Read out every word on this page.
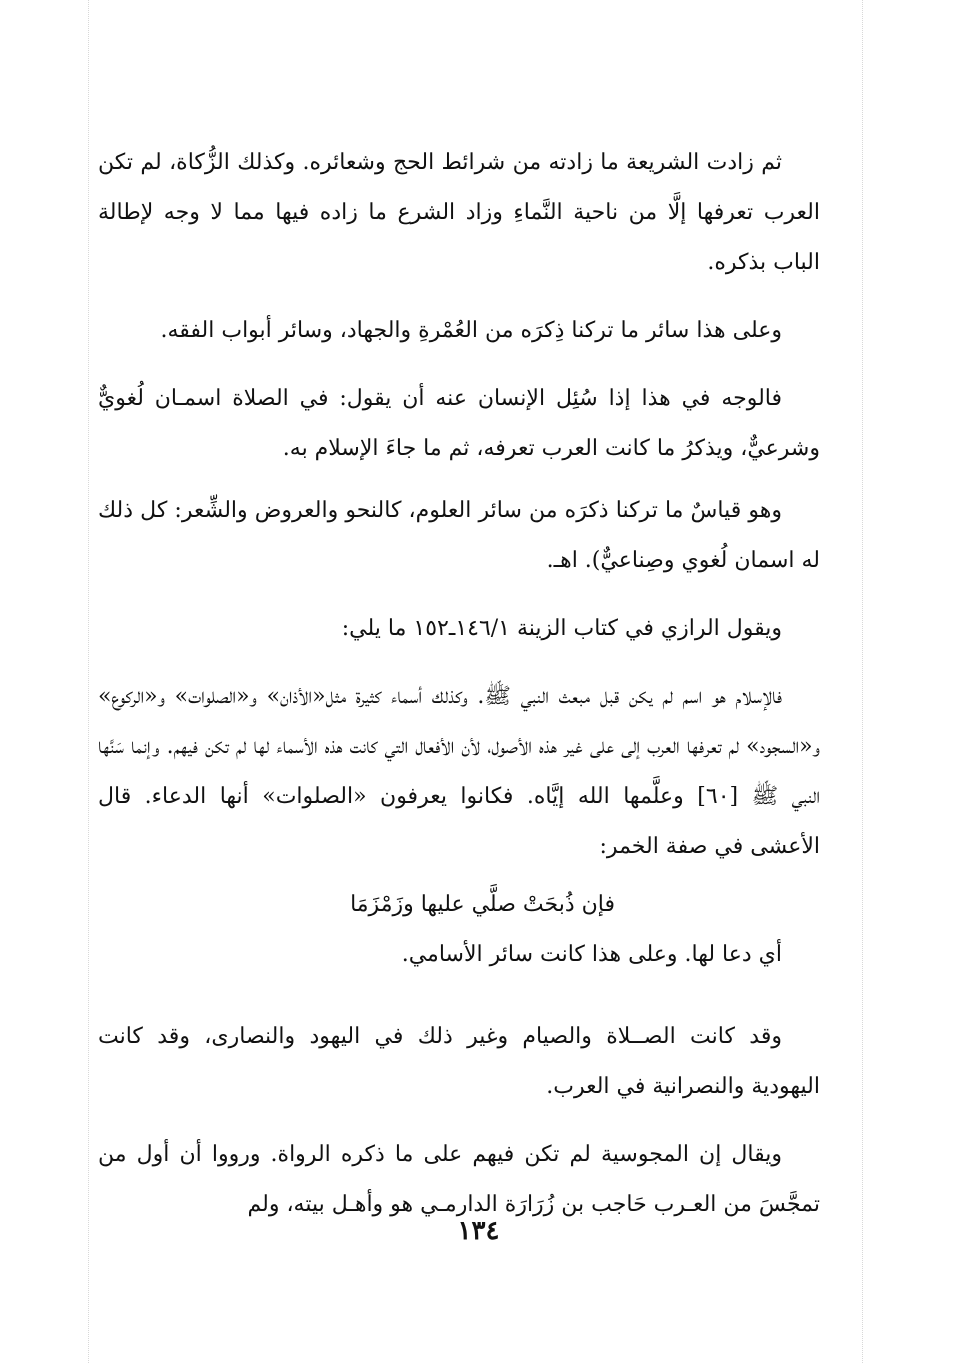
ثم زادت الشريعة ما زادته من شرائط الحج وشعائره. وكذلك الزُّكاة، لم تكن العرب تعرفها إلَّا من ناحية النَّماءِ وزاد الشرع ما زاده فيها مما لا وجه لإطالة الباب بذكره.

وعلى هذا سائر ما تركنا ذِكرَه من العُمْرةِ والجهاد، وسائر أبواب الفقه.

فالوجه في هذا إذا سُئِل الإنسان عنه أن يقول: في الصلاة اسمـان لُغويٌّ وشرعيٌّ، ويذكرُ ما كانت العرب تعرفه، ثم ما جاءَ الإسلام به.

وهو قياسٌ ما تركنا ذكرَه من سائر العلوم، كالنحو والعروض والشِّعر: كل ذلك له اسمان لُغوي وصِناعيٌّ). اهـ.

ويقول الرازي في كتاب الزينة ١٤٦/١ـ١٥٢ ما يلي:

فالإسلام هو اسم لم يكن قبل مبعث النبي ﷺ. وكذلك أسماء كثيرة مثل«الأذان» و«الصلوات» و«الركوع» و«السجود» لم تعرفها العرب إلى على غير هذه الأصول، لأن الأفعال التي كانت هذه الأسماء لها لم تكن فيهم. وإنما سَنَّها النبي ﷺ [٦٠] وعلَّمها الله إيَّاه. فكانوا يعرفون «الصلوات» أنها الدعاء. قال الأعشى في صفة الخمر:

فإن ذُبحَتْ صلَّي عليها وزَمْزَمَا

أي دعا لها. وعلى هذا كانت سائر الأسامي.

وقد كانت الصــلاة والصيام وغير ذلك في اليهود والنصارى، وقد كانت اليهودية والنصرانية في العرب.

ويقال إن المجوسية لم تكن فيهم على ما ذكره الرواة. ورووا أن أول من تمجَّسَ من العـرب حَاجب بن زُرَارَة الدارمـي هو وأهـل بيته، ولم

١٣٤
